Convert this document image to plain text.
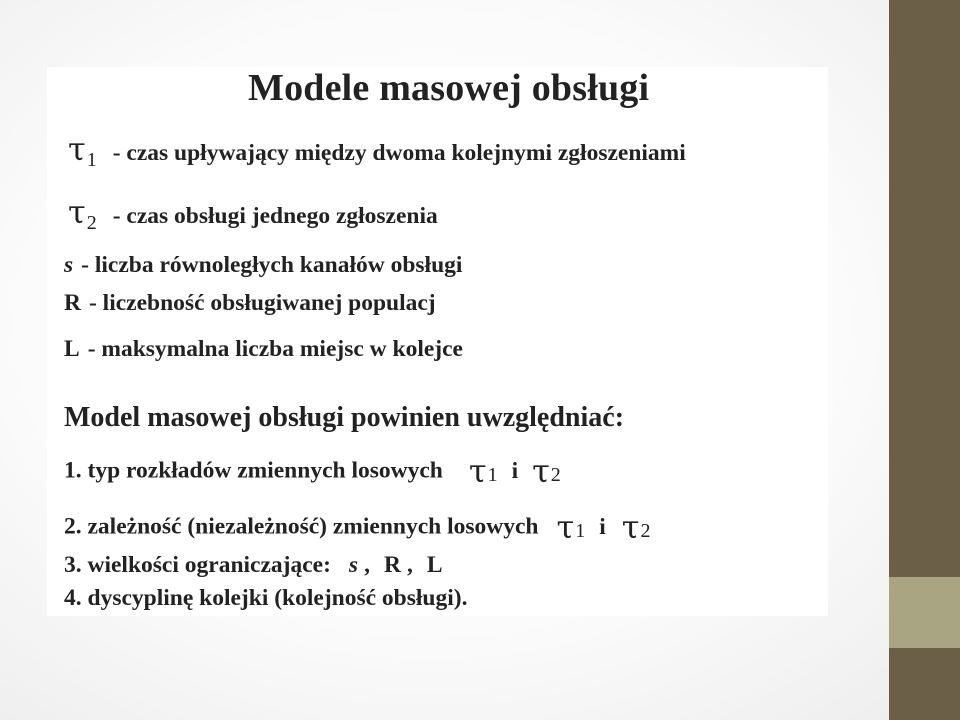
Modele masowej obsługi
τ1 - czas upływający między dwoma kolejnymi zgłoszeniami
τ2 - czas obsługi jednego zgłoszenia
s - liczba równoległych kanałów obsługi
R - liczebność obsługiwanej populacj
L - maksymalna liczba miejsc w kolejce
Model masowej obsługi powinien uwzględniać:
1. typ rozkładów zmiennych losowych τ1 i τ2
2. zależność (niezależność) zmiennych losowych τ1 i τ2
3. wielkości ograniczające: s , R , L
4. dyscyplinę kolejki (kolejność obsługi).
